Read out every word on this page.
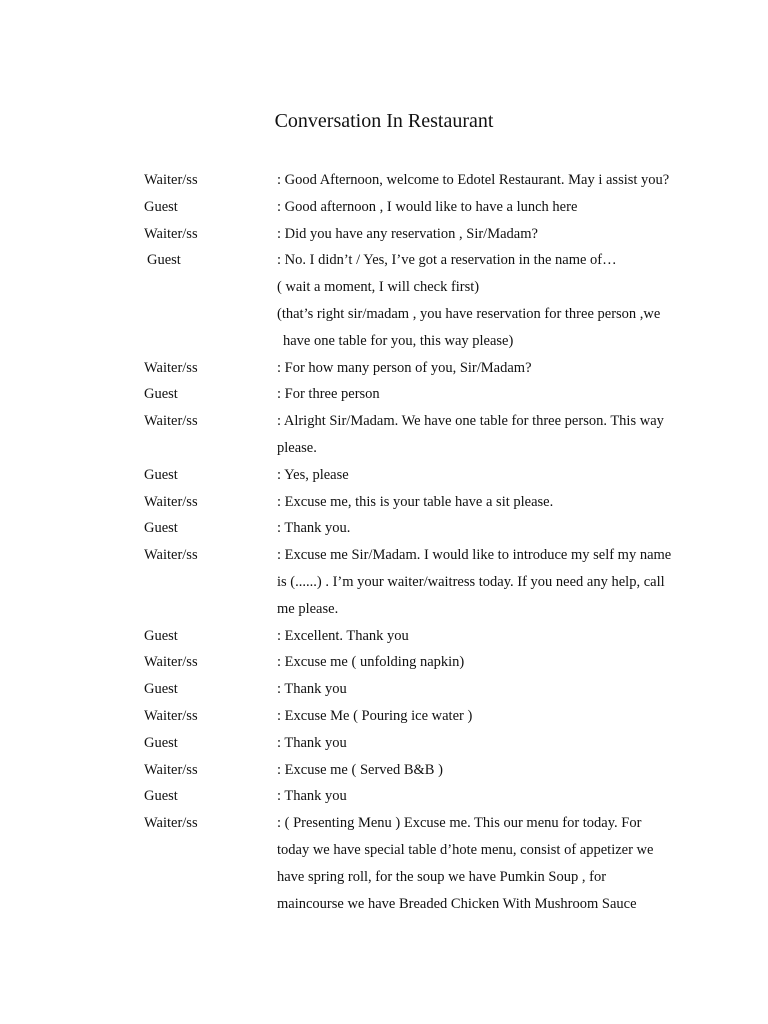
Conversation In Restaurant
Waiter/ss	: Good Afternoon, welcome to Edotel Restaurant. May i assist you?
Guest	: Good afternoon , I would like to have a lunch here
Waiter/ss	: Did you have any reservation , Sir/Madam?
Guest	: No. I didn’t / Yes, I’ve got a reservation in the name of…
( wait a moment, I will check first)
(that’s right sir/madam , you have reservation for three person ,we
have one table for you, this way please)
Waiter/ss	: For how many person of you, Sir/Madam?
Guest	: For three person
Waiter/ss	: Alright Sir/Madam. We have one table for three person. This way
please.
Guest	: Yes, please
Waiter/ss	: Excuse me, this is your table have a sit please.
Guest	: Thank you.
Waiter/ss	: Excuse me Sir/Madam. I would like to introduce my self my name
is (......) . I’m your waiter/waitress today. If you need any help, call
me please.
Guest	: Excellent. Thank you
Waiter/ss	: Excuse me ( unfolding napkin)
Guest	: Thank you
Waiter/ss	: Excuse Me ( Pouring ice water )
Guest	: Thank you
Waiter/ss	: Excuse me ( Served B&B )
Guest	: Thank you
Waiter/ss	: ( Presenting Menu ) Excuse me. This our menu for today. For
today we have special table d’hote menu, consist of appetizer we
have spring roll, for the soup we have Pumkin Soup , for
maincourse we have Breaded Chicken With Mushroom Sauce
